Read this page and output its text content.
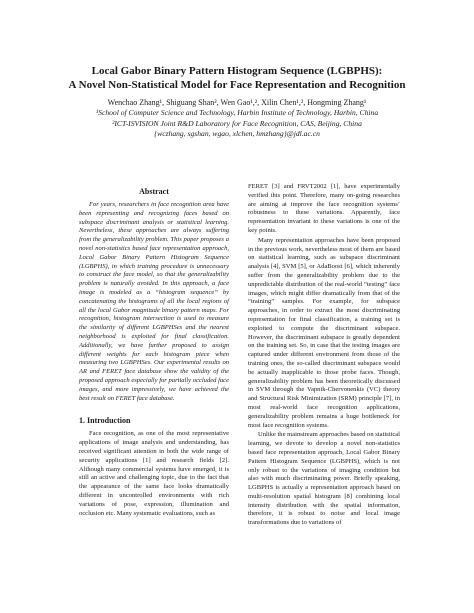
Local Gabor Binary Pattern Histogram Sequence (LGBPHS):
A Novel Non-Statistical Model for Face Representation and Recognition
Wenchao Zhang¹, Shiguang Shan², Wen Gao¹,², Xilin Chen¹,², Hongming Zhang¹
¹School of Computer Science and Technology, Harbin Institute of Technology, Harbin, China
²ICT-ISVISION Joint R&D Laboratory for Face Recognition, CAS, Beijing, China
{wczhang, sgshan, wgao, xlchen, hmzhang}@jdl.ac.cn
Abstract

For years, researchers in face recognition area have been representing and recognizing faces based on subspace discriminant analysis or statistical learning. Nevertheless, these approaches are always suffering from the generalizability problem. This paper proposes a novel non-statistics based face representation approach, Local Gabor Binary Pattern Histogram Sequence (LGBPHS), in which training procedure is unnecessary to construct the face model, so that the generalizability problem is naturally avoided. In this approach, a face image is modeled as a “histogram sequence” by concatenating the histograms of all the local regions of all the local Gabor magnitude binary pattern maps. For recognition, histogram intersection is used to measure the similarity of different LGBPHSes and the nearest neighborhood is exploited for final classification. Additionally, we have further proposed to assign different weights for each histogram piece when measuring two LGBPHSes. Our experimental results on AR and FERET face database show the validity of the proposed approach especially for partially occluded face images, and more impressively, we have achieved the best result on FERET face database.

1. Introduction

Face recognition, as one of the most representative applications of image analysis and understanding, has received significant attention in both the wide range of security applications [1] and research fields [2]. Although many commercial systems have emerged, it is still an active and challenging topic, due to the fact that the appearance of the same face looks dramatically different in uncontrolled environments with rich variations of pose, expression, illumination and occlusion etc. Many systematic evaluations, such as

FERET [3] and FRVT2002 [1], have experimentally verified this point. Therefore, many on-going researches are aiming at improve the face recognition systems’ robustness to these variations. Apparently, face representation invariant to these variations is one of the key points.

Many representation approaches have been proposed in the previous work, nevertheless most of them are based on statistical learning, such as subspace discriminant analysis [4], SVM [5], or AdaBoost [6], which inherently suffer from the generalizability problem due to the unpredictable distribution of the real-world “testing” face images, which might differ dramatically from that of the “training” samples. For example, for subspace approaches, in order to extract the most discriminating representation for final classification, a training set is exploited to compute the discriminant subspace. However, the discriminant subspace is greatly dependent on the training set. So, in case that the testing images are captured under different environment from those of the training ones, the so-called discriminant subspace would be actually inapplicable to those probe faces. Though, generalizability problem has been theoretically discussed in SVM through the Vapnik-Chervonenkis (VC) theory and Structural Risk Minimization (SRM) principle [7], in most real-world face recognition applications, generalizability problem remains a huge bottleneck for most face recognition systems.

Unlike the mainstream approaches based on statistical learning, we devote to develop a novel non-statistics based face representation approach, Local Gabor Binary Pattern Histogram Sequence (LGBPHS), which is not only robust to the variations of imaging condition but also with much discriminating power. Briefly speaking, LGBPHS is actually a representation approach based on multi-resolution spatial histogram [8] combining local intensity distribution with the spatial information, therefore, it is robust to noise and local image transformations due to variations of
